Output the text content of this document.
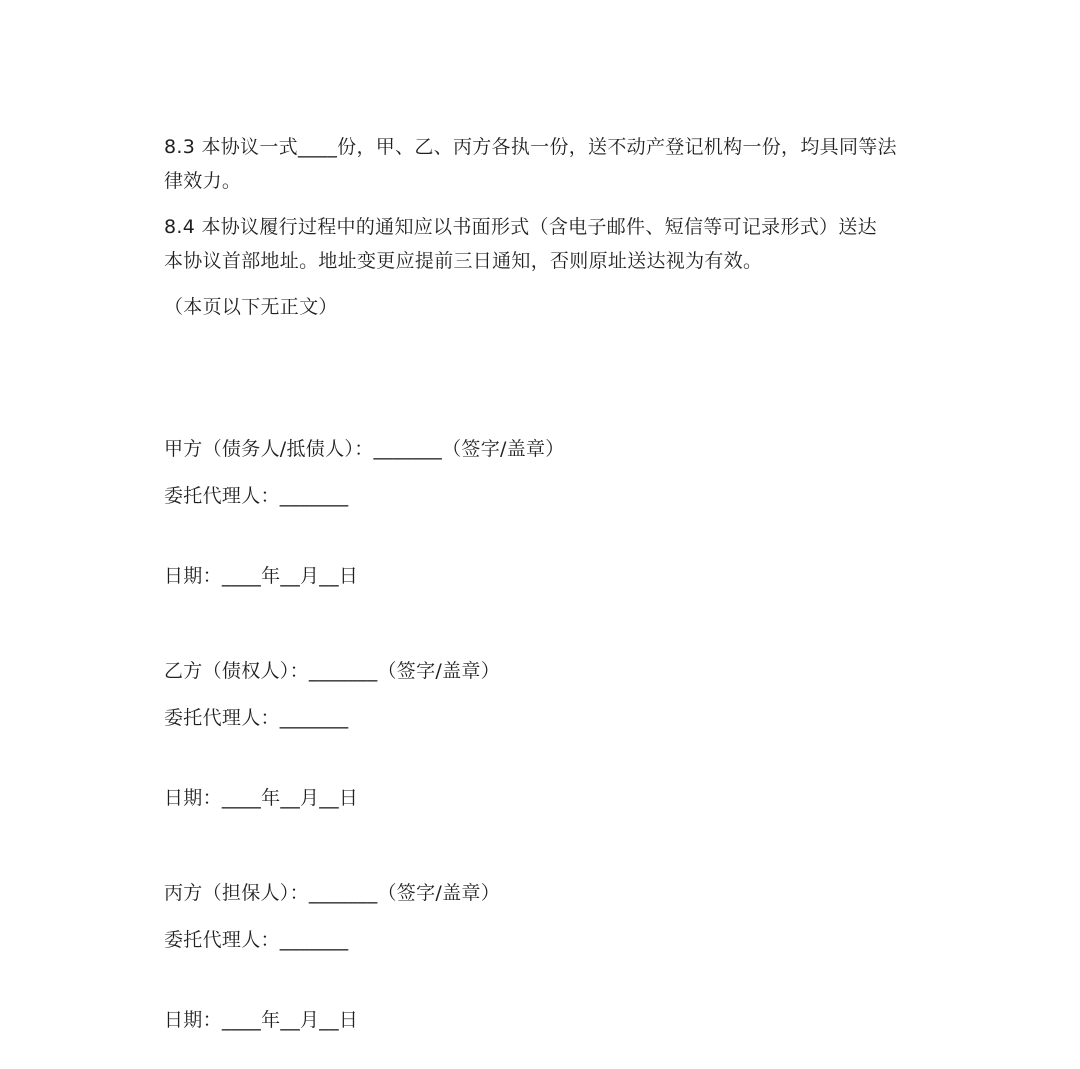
8.3 本协议一式____份，甲、乙、丙方各执一份，送不动产登记机构一份，均具同等法
律效力。
8.4 本协议履行过程中的通知应以书面形式（含电子邮件、短信等可记录形式）送达
本协议首部地址。地址变更应提前三日通知，否则原址送达视为有效。
（本页以下无正文）
甲方（债务人/抵债人）：_______（签字/盖章）
委托代理人：_______
日期：____年__月__日
乙方（债权人）：_______（签字/盖章）
委托代理人：_______
日期：____年__月__日
丙方（担保人）：_______（签字/盖章）
委托代理人：_______
日期：____年__月__日
